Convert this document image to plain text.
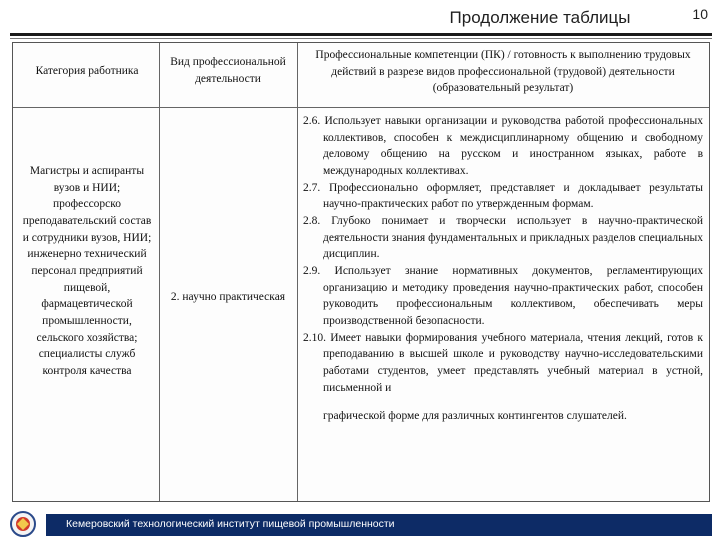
Продолжение таблицы	10
Категория работника
Вид профессиональной деятельности
Профессиональные компетенции (ПК) / готовность к выполнению трудовых действий в разрезе видов профессиональной (трудовой) деятельности (образовательный результат)
Магистры и аспиранты вузов и НИИ; профессорско преподавательский состав и сотрудники вузов, НИИ; инженерно технический персонал предприятий пищевой, фармацевтической промышленности, сельского хозяйства; специалисты служб контроля качества
2. научно практическая

2.6. Использует навыки организации и руководства работой профессиональных коллективов, способен к междисциплинарному общению и свободному деловому общению на русском и иностранном языках, работе в международных коллективах.

2.7. Профессионально оформляет, представляет и докладывает результаты научно-практических работ по утвержденным формам.

2.8. Глубоко понимает и творчески использует в научно-практической деятельности знания фундаментальных и прикладных разделов специальных дисциплин.

2.9. Использует знание нормативных документов, регламентирующих организацию и методику проведения научно-практических работ, способен руководить профессиональным коллективом, обеспечивать меры производственной безопасности.

2.10. Имеет навыки формирования учебного материала, чтения лекций, готов к преподаванию в высшей школе и руководству научно-исследовательскими работами студентов, умеет представлять учебный материал в устной, письменной и

графической форме для различных контингентов слушателей.

Кемеровский технологический институт пищевой промышленности
